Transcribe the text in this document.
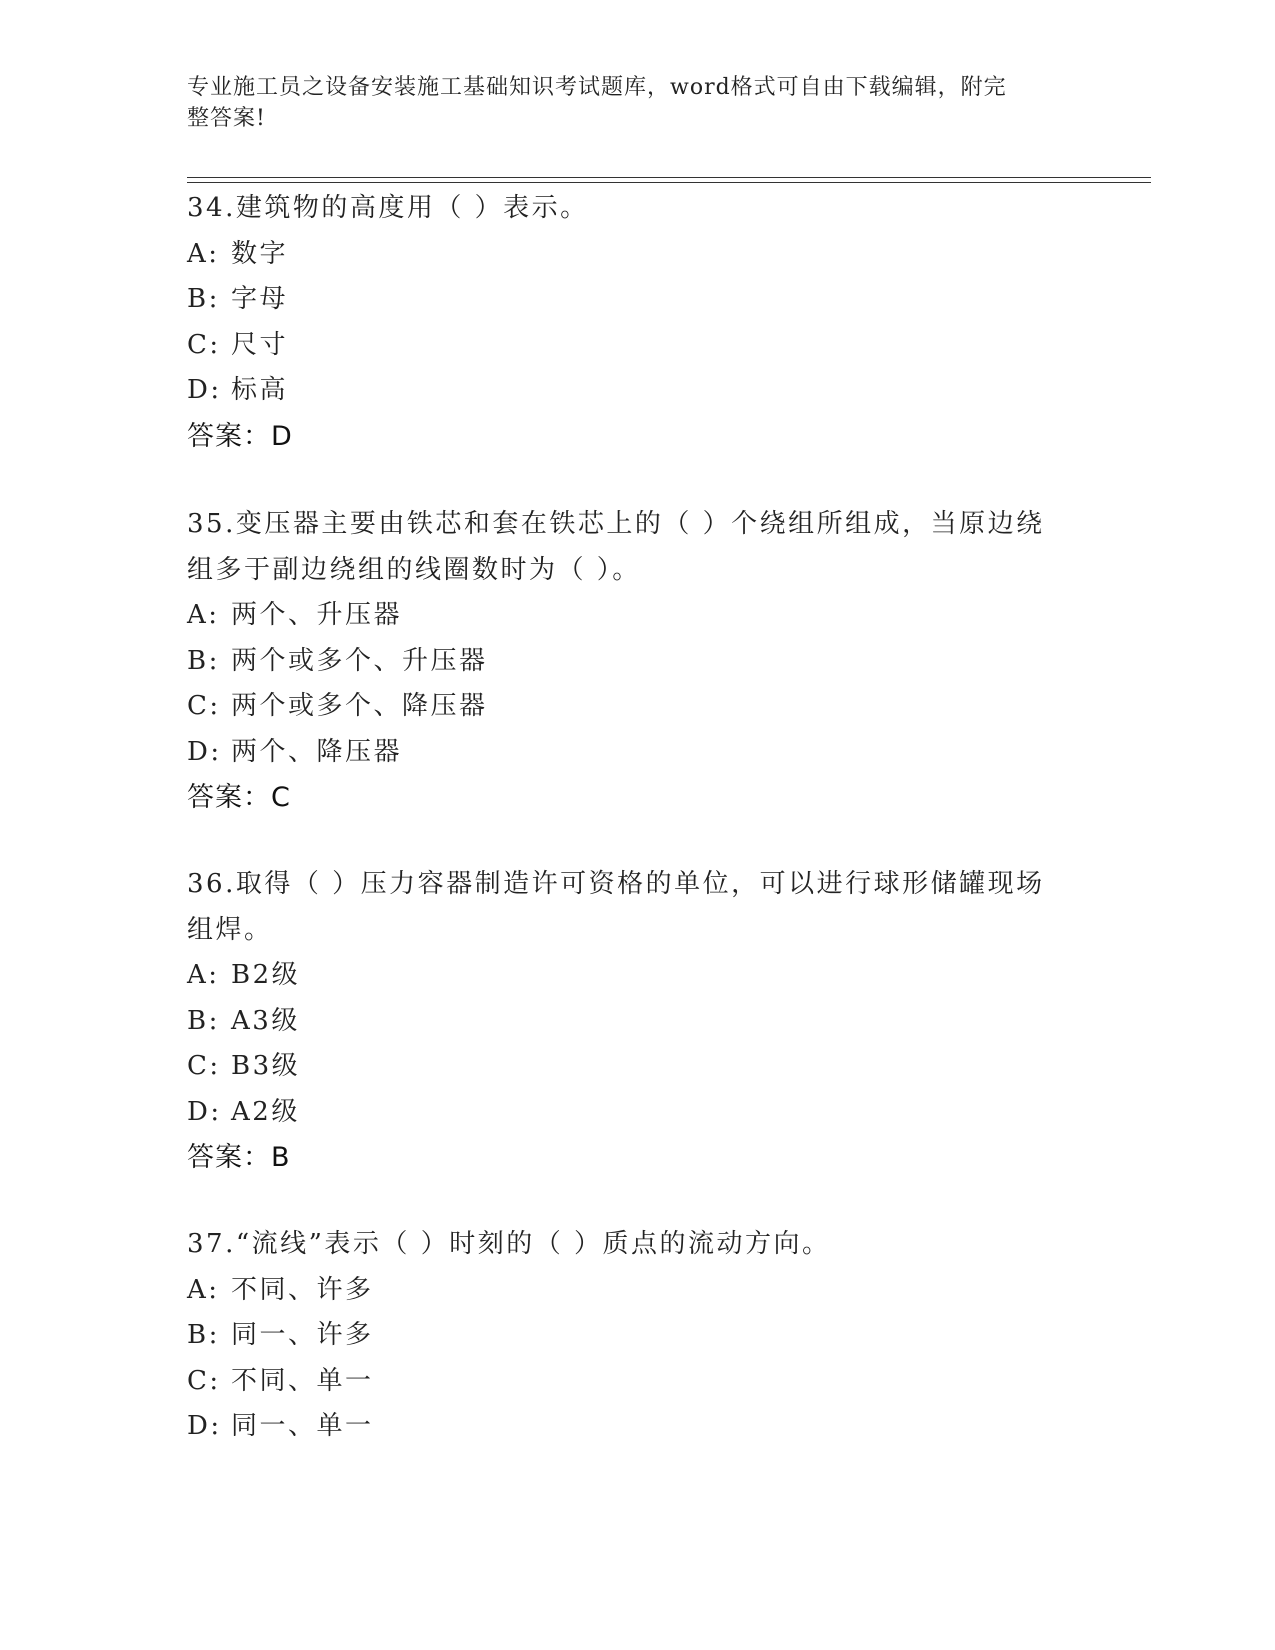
专业施工员之设备安装施工基础知识考试题库，word格式可自由下载编辑，附完
整答案!

34.建筑物的高度用（ ）表示。

A: 数字

B: 字母

C: 尺寸

D: 标高

答案：D

35.变压器主要由铁芯和套在铁芯上的（ ）个绕组所组成，当原边绕组多于副边绕组的线圈数时为（ ）。

A: 两个、升压器

B: 两个或多个、升压器

C: 两个或多个、降压器

D: 两个、降压器

答案：C

36.取得（ ）压力容器制造许可资格的单位，可以进行球形储罐现场组焊。

A: B2级

B: A3级

C: B3级

D: A2级

答案：B

37.“流线”表示（ ）时刻的（ ）质点的流动方向。

A: 不同、许多

B: 同一、许多

C: 不同、单一

D: 同一、单一
